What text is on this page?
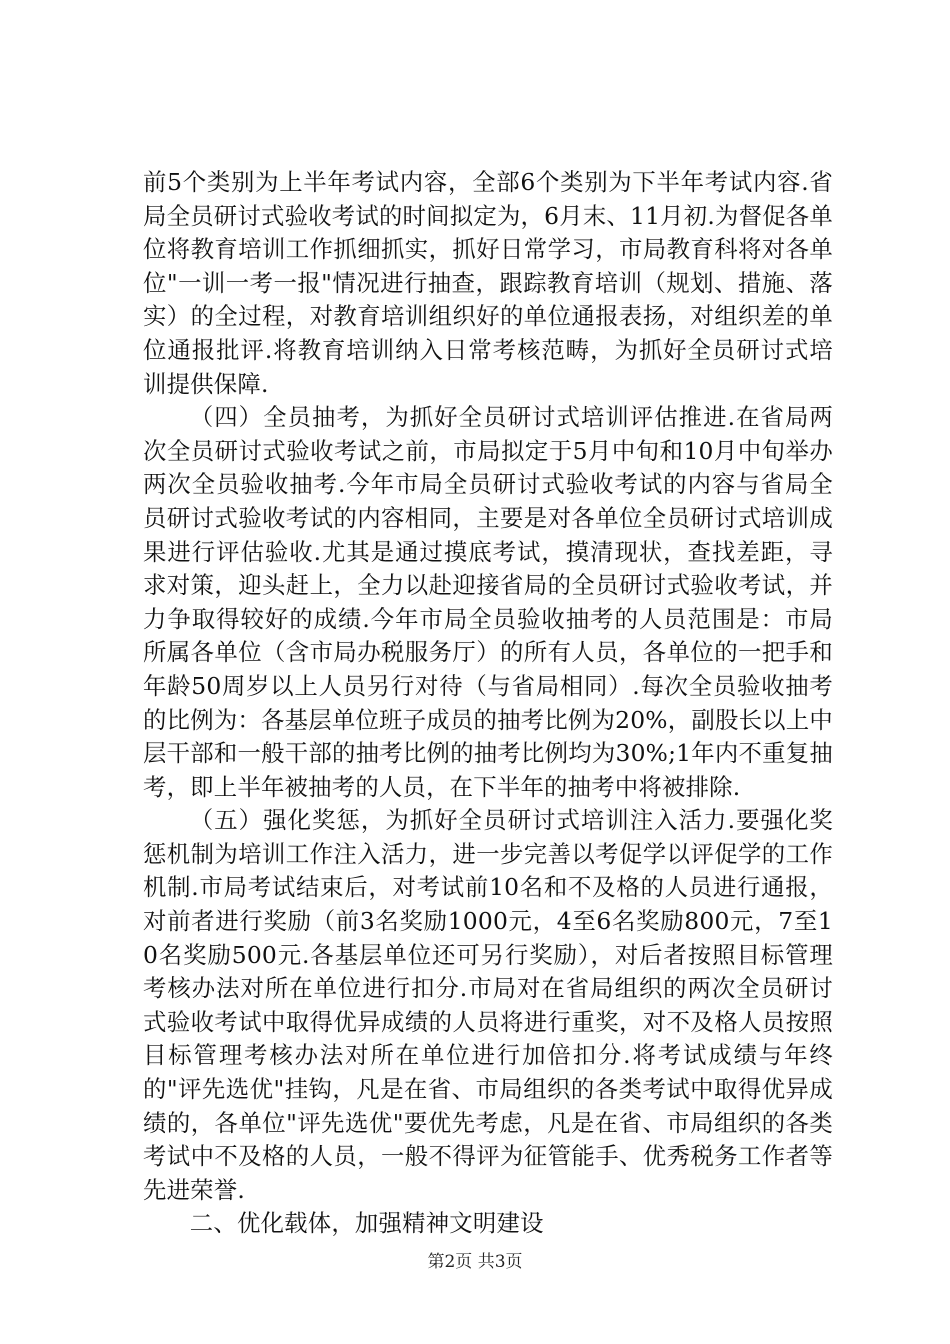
前5个类别为上半年考试内容，全部6个类别为下半年考试内容.省局全员研讨式验收考试的时间拟定为，6月末、11月初.为督促各单位将教育培训工作抓细抓实，抓好日常学习，市局教育科将对各单位"一训一考一报"情况进行抽查，跟踪教育培训（规划、措施、落实）的全过程，对教育培训组织好的单位通报表扬，对组织差的单位通报批评.将教育培训纳入日常考核范畴，为抓好全员研讨式培训提供保障.

（四）全员抽考，为抓好全员研讨式培训评估推进.在省局两次全员研讨式验收考试之前，市局拟定于5月中旬和10月中旬举办两次全员验收抽考.今年市局全员研讨式验收考试的内容与省局全员研讨式验收考试的内容相同，主要是对各单位全员研讨式培训成果进行评估验收.尤其是通过摸底考试，摸清现状，查找差距，寻求对策，迎头赶上，全力以赴迎接省局的全员研讨式验收考试，并力争取得较好的成绩.今年市局全员验收抽考的人员范围是：市局所属各单位（含市局办税服务厅）的所有人员，各单位的一把手和年龄50周岁以上人员另行对待（与省局相同）.每次全员验收抽考的比例为：各基层单位班子成员的抽考比例为20%，副股长以上中层干部和一般干部的抽考比例的抽考比例均为30%;1年内不重复抽考，即上半年被抽考的人员，在下半年的抽考中将被排除.

（五）强化奖惩，为抓好全员研讨式培训注入活力.要强化奖惩机制为培训工作注入活力，进一步完善以考促学以评促学的工作机制.市局考试结束后，对考试前10名和不及格的人员进行通报，对前者进行奖励（前3名奖励1000元，4至6名奖励800元，7至10名奖励500元.各基层单位还可另行奖励），对后者按照目标管理考核办法对所在单位进行扣分.市局对在省局组织的两次全员研讨式验收考试中取得优异成绩的人员将进行重奖，对不及格人员按照目标管理考核办法对所在单位进行加倍扣分.将考试成绩与年终的"评先选优"挂钩，凡是在省、市局组织的各类考试中取得优异成绩的，各单位"评先选优"要优先考虑，凡是在省、市局组织的各类考试中不及格的人员，一般不得评为征管能手、优秀税务工作者等先进荣誉.

二、优化载体，加强精神文明建设

第2页 共3页
